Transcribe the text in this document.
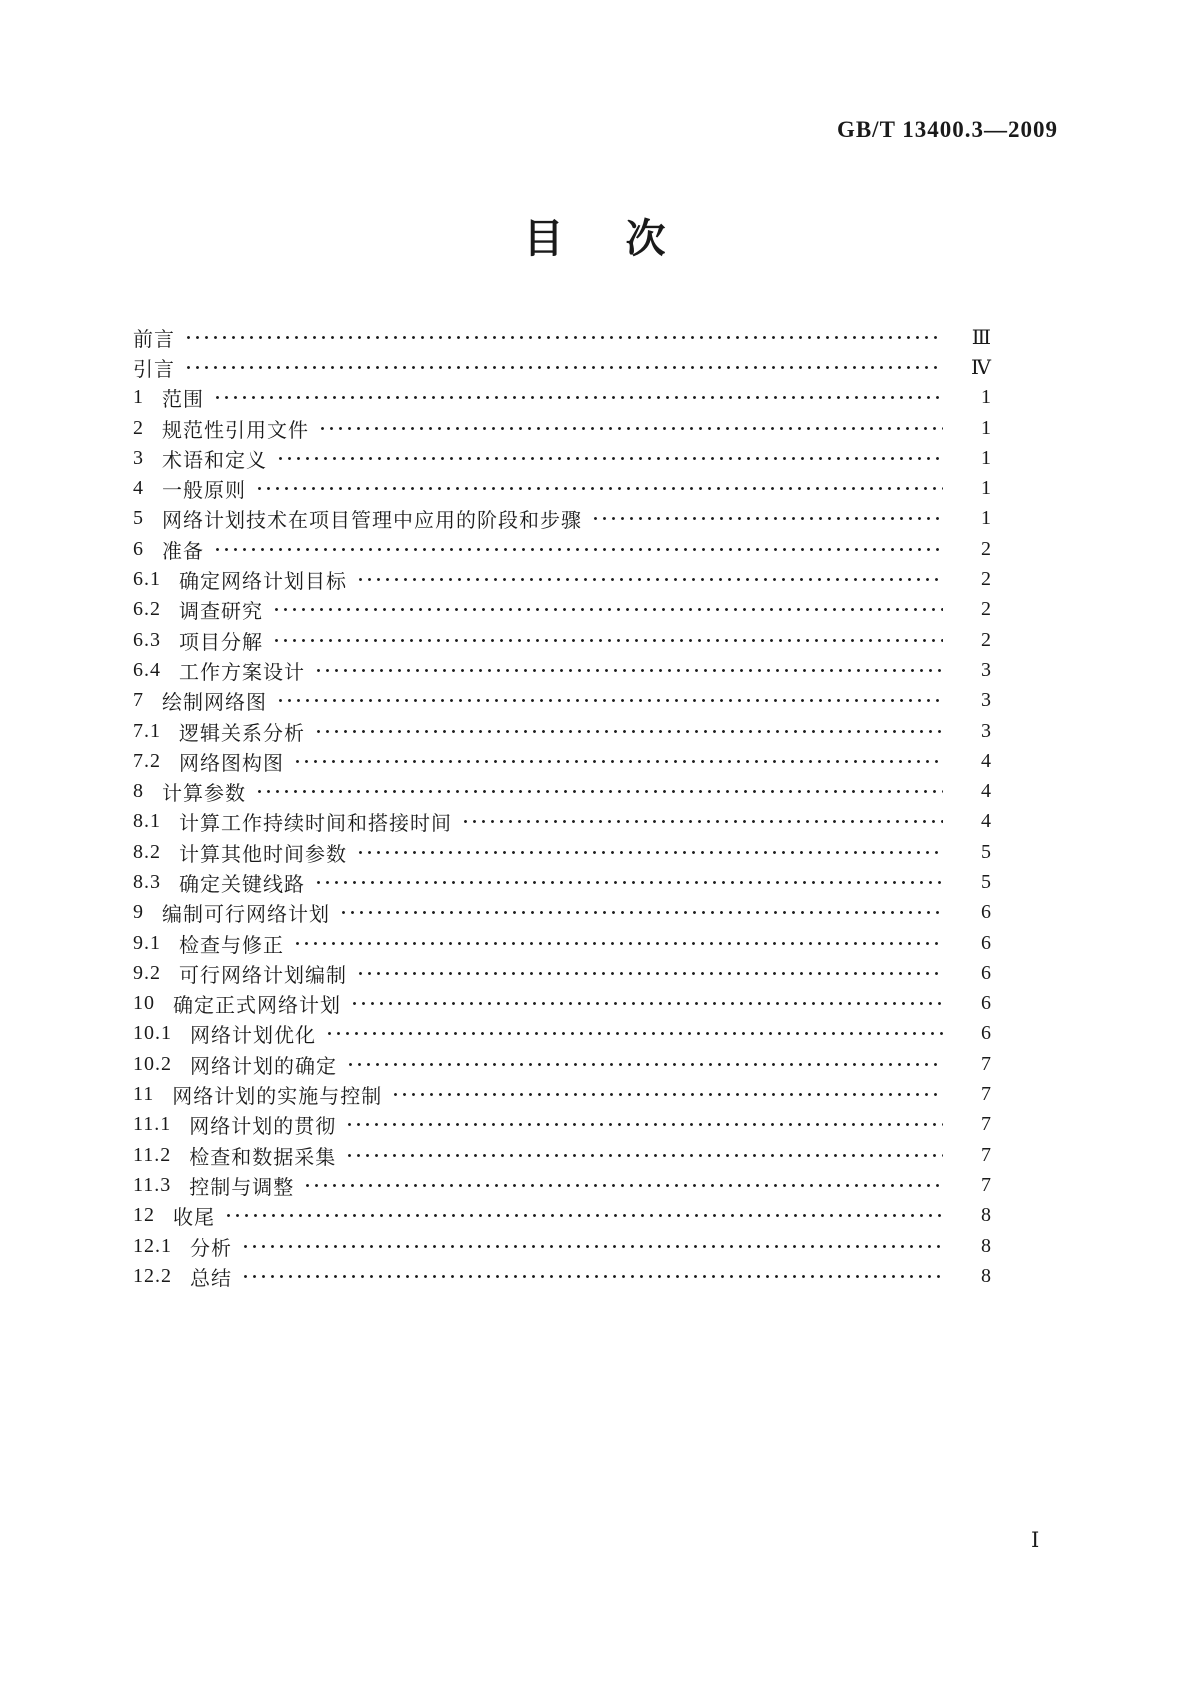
GB/T 13400.3—2009
目 次
前言	Ⅲ
引言	Ⅳ
1 范围	1
2 规范性引用文件	1
3 术语和定义	1
4 一般原则	1
5 网络计划技术在项目管理中应用的阶段和步骤	1
6 准备	2
6.1 确定网络计划目标	2
6.2 调查研究	2
6.3 项目分解	2
6.4 工作方案设计	3
7 绘制网络图	3
7.1 逻辑关系分析	3
7.2 网络图构图	4
8 计算参数	4
8.1 计算工作持续时间和搭接时间	4
8.2 计算其他时间参数	5
8.3 确定关键线路	5
9 编制可行网络计划	6
9.1 检查与修正	6
9.2 可行网络计划编制	6
10 确定正式网络计划	6
10.1 网络计划优化	6
10.2 网络计划的确定	7
11 网络计划的实施与控制	7
11.1 网络计划的贯彻	7
11.2 检查和数据采集	7
11.3 控制与调整	7
12 收尾	8
12.1 分析	8
12.2 总结	8
Ⅰ
